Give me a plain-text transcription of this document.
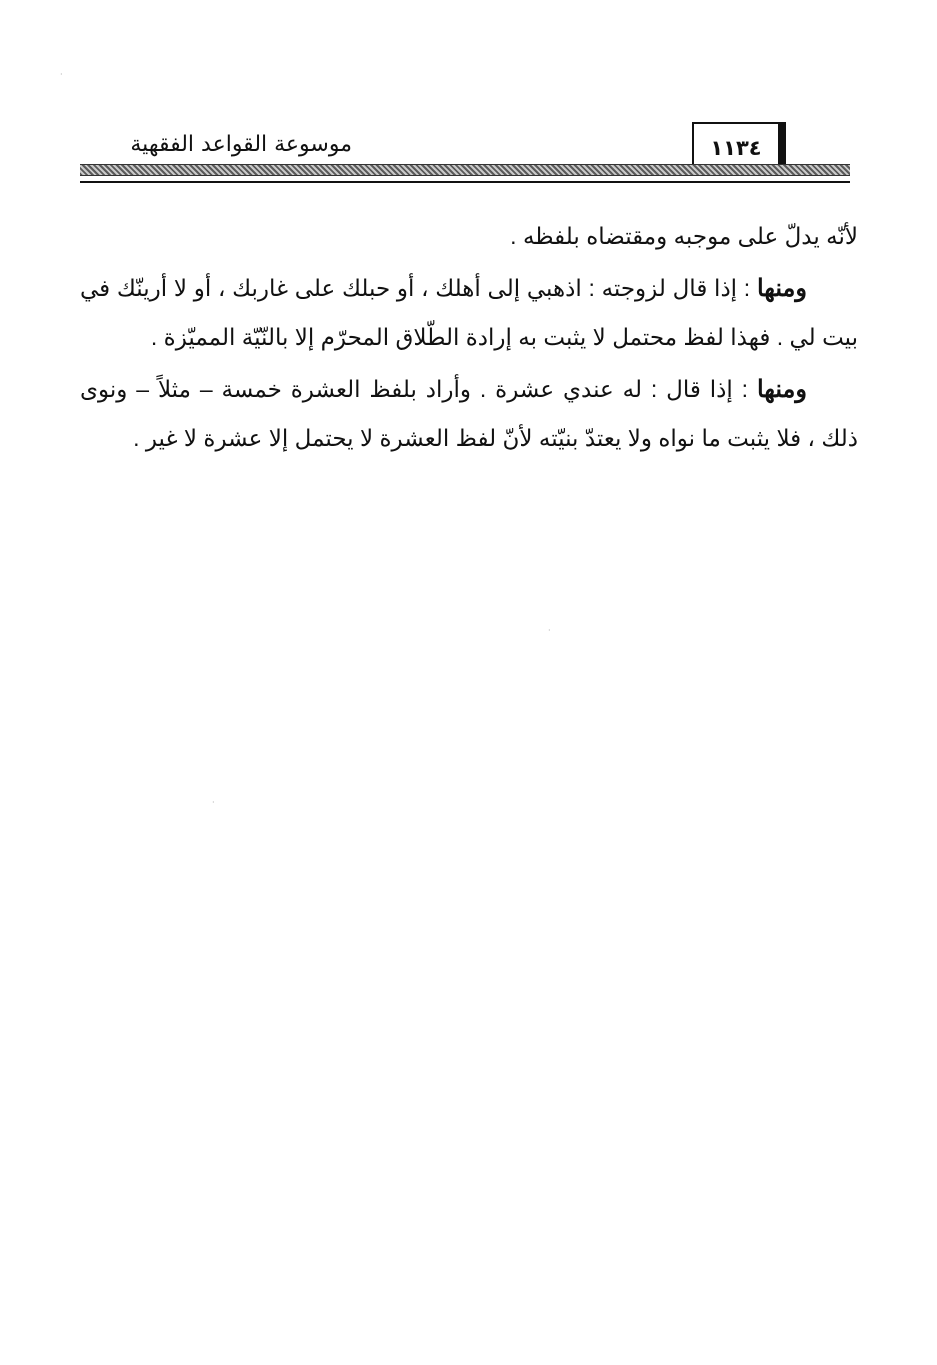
موسوعة القواعد الفقهية	١١٣٤

لأنّه يدلّ على موجبه ومقتضاه بلفظه .

ومنها : إذا قال لزوجته : اذهبي إلى أهلك ، أو حبلك على غاربك ، أو لا أرينّك في بيت لي . فهذا لفظ محتمل لا يثبت به إرادة الطّلاق المحرّم إلا بالنّيّة المميّزة .

ومنها : إذا قال : له عندي عشرة . وأراد بلفظ العشرة خمسة – مثلاً – ونوى ذلك ، فلا يثبت ما نواه ولا يعتدّ بنيّته لأنّ لفظ العشرة لا يحتمل إلا عشرة لا غير .

·
·
·
